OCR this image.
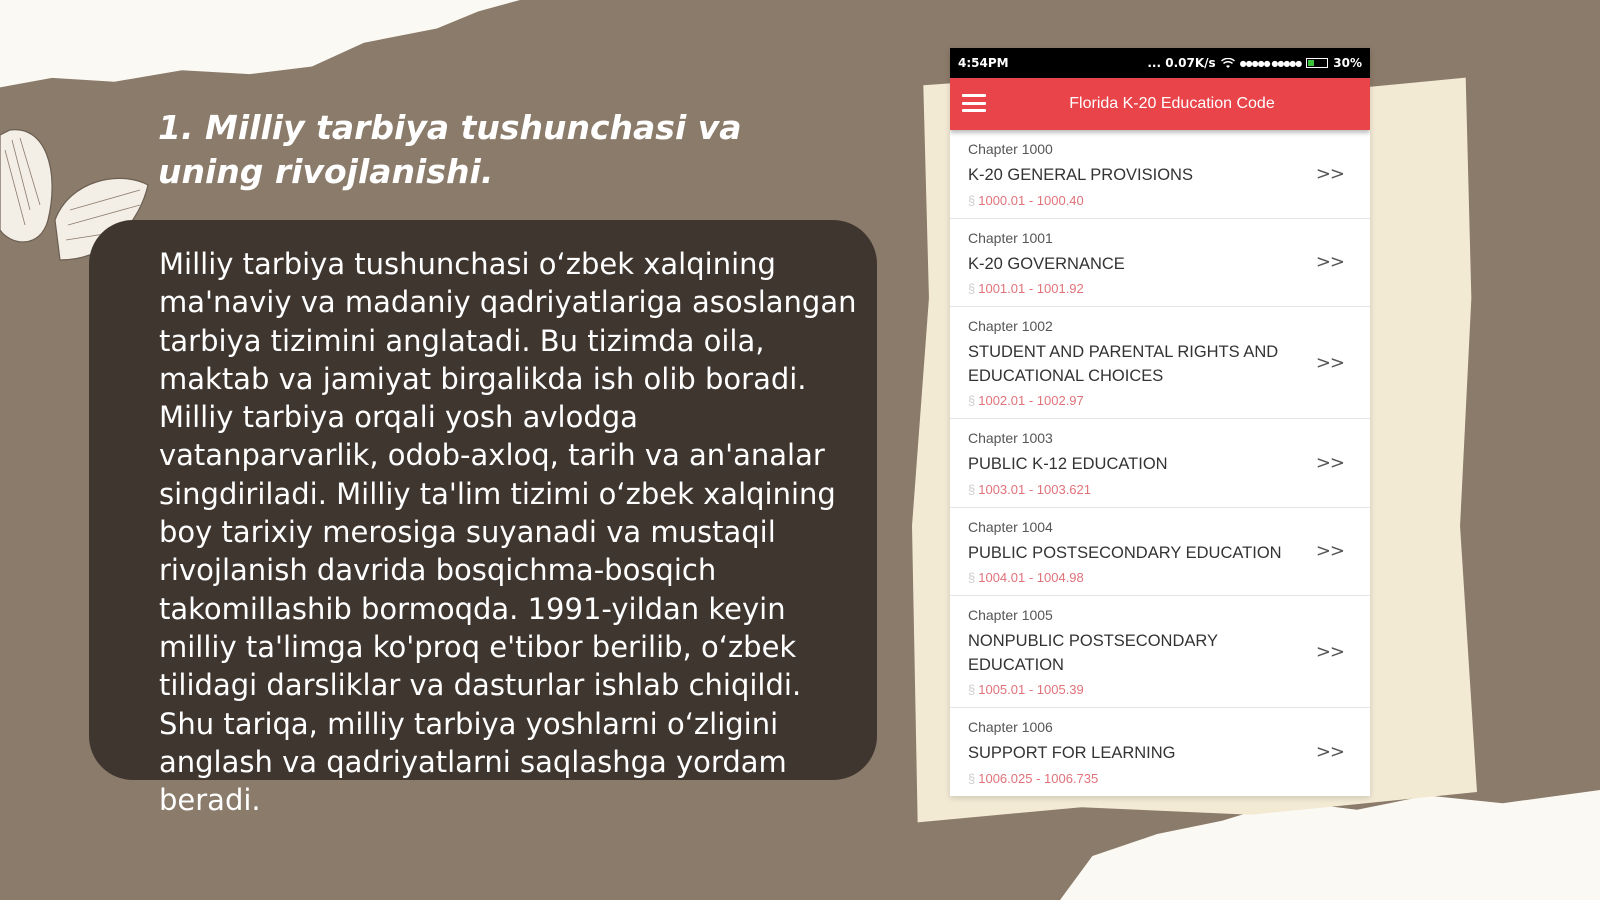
1. Milliy tarbiya tushunchasi va uning rivojlanishi.
Milliy tarbiya tushunchasi o‘zbek xalqining ma'naviy va madaniy qadriyatlariga asoslangan tarbiya tizimini anglatadi. Bu tizimda oila, maktab va jamiyat birgalikda ish olib boradi. Milliy tarbiya orqali yosh avlodga vatanparvarlik, odob-axloq, tarih va an'analar singdiriladi. Milliy ta'lim tizimi o‘zbek xalqining boy tarixiy merosiga suyanadi va mustaqil rivojlanish davrida bosqichma-bosqich takomillashib bormoqda. 1991-yildan keyin milliy ta'limga ko'proq e'tibor berilib, o‘zbek tilidagi darsliklar va dasturlar ishlab chiqildi. Shu tariqa, milliy tarbiya yoshlarni o‘zligini anglash va qadriyatlarni saqlashga yordam beradi.
4:54PM	... 0.07K/s	●●●●● ●●●●●	30%
Florida K-20 Education Code
Chapter 1000
K-20 GENERAL PROVISIONS
§ 1000.01 - 1000.40
>>
Chapter 1001
K-20 GOVERNANCE
§ 1001.01 - 1001.92
>>
Chapter 1002
STUDENT AND PARENTAL RIGHTS AND EDUCATIONAL CHOICES
§ 1002.01 - 1002.97
>>
Chapter 1003
PUBLIC K-12 EDUCATION
§ 1003.01 - 1003.621
>>
Chapter 1004
PUBLIC POSTSECONDARY EDUCATION
§ 1004.01 - 1004.98
>>
Chapter 1005
NONPUBLIC POSTSECONDARY EDUCATION
§ 1005.01 - 1005.39
>>
Chapter 1006
SUPPORT FOR LEARNING
§ 1006.025 - 1006.735
>>
